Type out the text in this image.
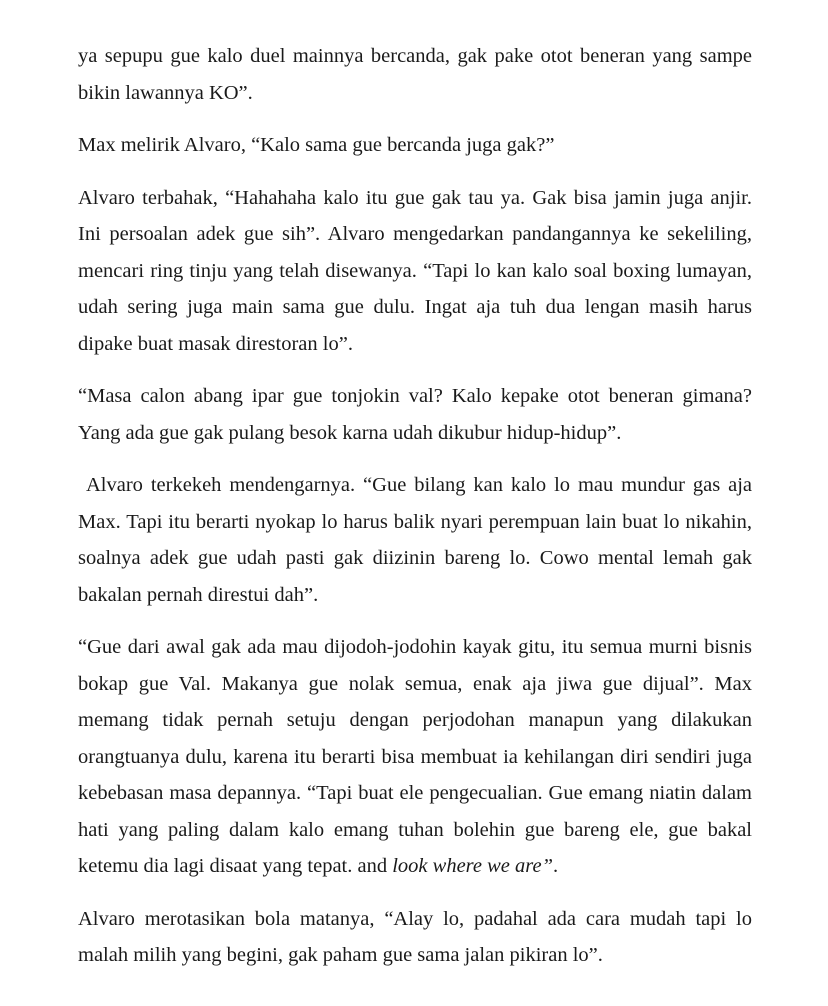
ya sepupu gue kalo duel mainnya bercanda, gak pake otot beneran yang sampe bikin lawannya KO”.

Max melirik Alvaro, “Kalo sama gue bercanda juga gak?”

Alvaro terbahak, “Hahahaha kalo itu gue gak tau ya. Gak bisa jamin juga anjir. Ini persoalan adek gue sih”. Alvaro mengedarkan pandangannya ke sekeliling, mencari ring tinju yang telah disewanya. “Tapi lo kan kalo soal boxing lumayan, udah sering juga main sama gue dulu. Ingat aja tuh dua lengan masih harus dipake buat masak direstoran lo”.

“Masa calon abang ipar gue tonjokin val? Kalo kepake otot beneran gimana? Yang ada gue gak pulang besok karna udah dikubur hidup-hidup”.

Alvaro terkekeh mendengarnya. “Gue bilang kan kalo lo mau mundur gas aja Max. Tapi itu berarti nyokap lo harus balik nyari perempuan lain buat lo nikahin, soalnya adek gue udah pasti gak diizinin bareng lo. Cowo mental lemah gak bakalan pernah direstui dah”.

“Gue dari awal gak ada mau dijodoh-jodohin kayak gitu, itu semua murni bisnis bokap gue Val. Makanya gue nolak semua, enak aja jiwa gue dijual”. Max memang tidak pernah setuju dengan perjodohan manapun yang dilakukan orangtuanya dulu, karena itu berarti bisa membuat ia kehilangan diri sendiri juga kebebasan masa depannya. “Tapi buat ele pengecualian. Gue emang niatin dalam hati yang paling dalam kalo emang tuhan bolehin gue bareng ele, gue bakal ketemu dia lagi disaat yang tepat. and look where we are”.

Alvaro merotasikan bola matanya, “Alay lo, padahal ada cara mudah tapi lo malah milih yang begini, gak paham gue sama jalan pikiran lo”.
